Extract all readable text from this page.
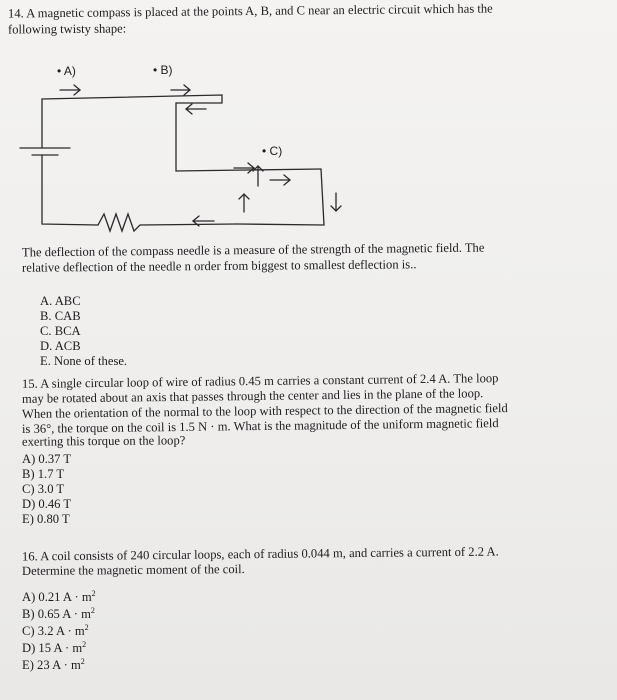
14. A magnetic compass is placed at the points A, B, and C near an electric circuit which has the
following twisty shape:
• A)	• B)
• C)
The deflection of the compass needle is a measure of the strength of the magnetic field. The
relative deflection of the needle n order from biggest to smallest deflection is..
A. ABC
B. CAB
C. BCA
D. ACB
E. None of these.
15. A single circular loop of wire of radius 0.45 m carries a constant current of 2.4 A. The loop
may be rotated about an axis that passes through the center and lies in the plane of the loop.
When the orientation of the normal to the loop with respect to the direction of the magnetic field
is 36°, the torque on the coil is 1.5 N · m. What is the magnitude of the uniform magnetic field
exerting this torque on the loop?
A) 0.37 T
B) 1.7 T
C) 3.0 T
D) 0.46 T
E) 0.80 T
16. A coil consists of 240 circular loops, each of radius 0.044 m, and carries a current of 2.2 A.
Determine the magnetic moment of the coil.
A) 0.21 $A \cdot m^2$
B) 0.65 $A \cdot m^2$
C) 3.2 $A \cdot m^2$
D) 15 $A \cdot m^2$
E) 23 $A \cdot m^2$
